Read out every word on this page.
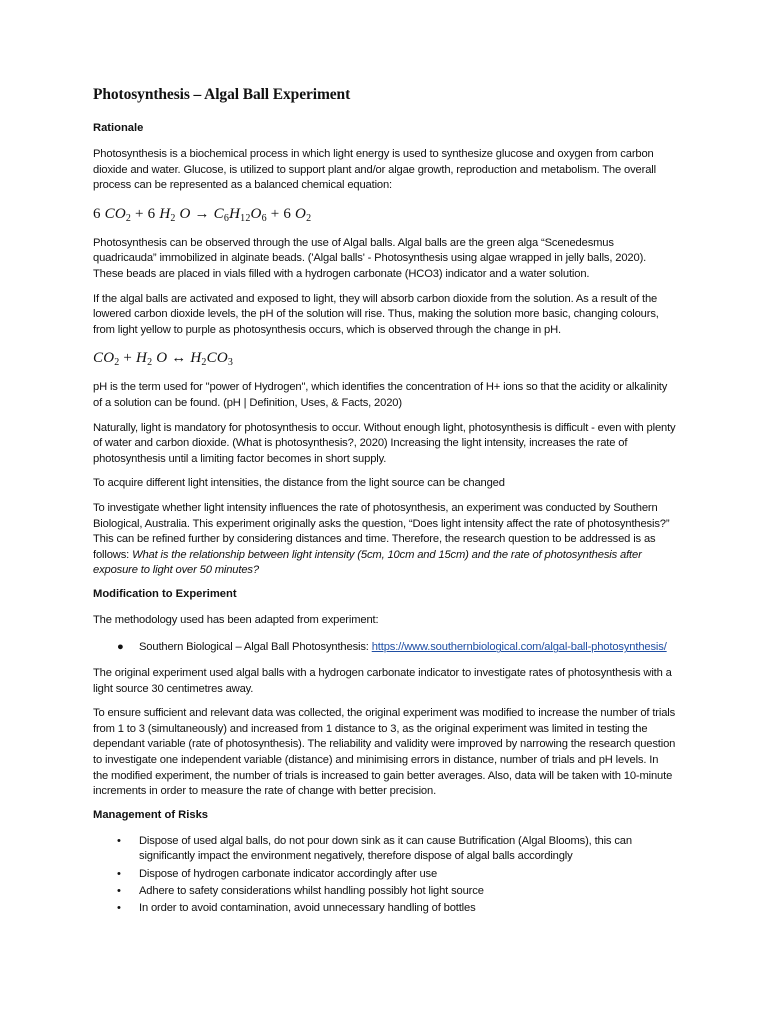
Photosynthesis – Algal Ball Experiment
Rationale

Photosynthesis is a biochemical process in which light energy is used to synthesize glucose and oxygen from carbon dioxide and water. Glucose, is utilized to support plant and/or algae growth, reproduction and metabolism. The overall process can be represented as a balanced chemical equation:

6 $CO_2 + 6$ $H_2$ $O \to C_6H_{12}O_6 + 6$ $O_2$

Photosynthesis can be observed through the use of Algal balls. Algal balls are the green alga “Scenedesmus quadricauda” immobilized in alginate beads. ('Algal balls' - Photosynthesis using algae wrapped in jelly balls, 2020). These beads are placed in vials filled with a hydrogen carbonate (HCO3) indicator and a water solution.

If the algal balls are activated and exposed to light, they will absorb carbon dioxide from the solution. As a result of the lowered carbon dioxide levels, the pH of the solution will rise. Thus, making the solution more basic, changing colours, from light yellow to purple as photosynthesis occurs, which is observed through the change in pH.

$CO_2 + H_2$ O ↔ $H_2CO_3$

pH is the term used for "power of Hydrogen", which identifies the concentration of H+ ions so that the acidity or alkalinity of a solution can be found. (pH | Definition, Uses, & Facts, 2020)

Naturally, light is mandatory for photosynthesis to occur. Without enough light, photosynthesis is difficult - even with plenty of water and carbon dioxide. (What is photosynthesis?, 2020) Increasing the light intensity, increases the rate of photosynthesis until a limiting factor becomes in short supply.

To acquire different light intensities, the distance from the light source can be changed

To investigate whether light intensity influences the rate of photosynthesis, an experiment was conducted by Southern Biological, Australia. This experiment originally asks the question, “Does light intensity affect the rate of photosynthesis?” This can be refined further by considering distances and time. Therefore, the research question to be addressed is as follows: What is the relationship between light intensity (5cm, 10cm and 15cm) and the rate of photosynthesis after exposure to light over 50 minutes?

Modification to Experiment

The methodology used has been adapted from experiment:

● Southern Biological – Algal Ball Photosynthesis: https://www.southernbiological.com/algal-ball-photosynthesis/

The original experiment used algal balls with a hydrogen carbonate indicator to investigate rates of photosynthesis with a light source 30 centimetres away.

To ensure sufficient and relevant data was collected, the original experiment was modified to increase the number of trials from 1 to 3 (simultaneously) and increased from 1 distance to 3, as the original experiment was limited in testing the dependant variable (rate of photosynthesis). The reliability and validity were improved by narrowing the research question to investigate one independent variable (distance) and minimising errors in distance, number of trials and pH levels. In the modified experiment, the number of trials is increased to gain better averages. Also, data will be taken with 10-minute increments in order to measure the rate of change with better precision.

Management of Risks
• Dispose of used algal balls, do not pour down sink as it can cause Butrification (Algal Blooms), this can significantly impact the environment negatively, therefore dispose of algal balls accordingly
• Dispose of hydrogen carbonate indicator accordingly after use
• Adhere to safety considerations whilst handling possibly hot light source
• In order to avoid contamination, avoid unnecessary handling of bottles
